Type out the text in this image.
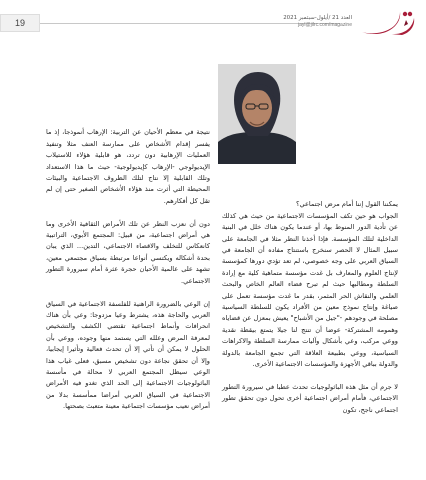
19	العدد 21 /أيلول-سبتمبر 2021
jayl@jilrc.com/magazine

يمكننا القول إننا أمام مرض اجتماعي؟
الجواب هو حين تكف المؤسسات الاجتماعية من حيث هي كذلك عن تأدية الدور المنوط بها، أو عندما يكون هناك خلل في البنية الداخلية لتلك المؤسسة. فإذا أخذنا النظر مثلا في الجامعة على سبيل المثال لا الحصر سنخرج باستنتاج مفاده أن الجامعة في السياق العربي على وجه خصوصي، لم تعد تؤدي دورها كمؤسسة لإنتاج العلوم والمعارف بل غدت مؤسسة متماهية كلية مع إرادة السلطة ومطالبها حيث لم تبرح فضاء العالم الخاص والبحث العلمي والنقاش الحر المثمر، بقدر ما غدت مؤسسة تعمل على صياغة وإنتاج نموذج معين من الأفراد يكون للسلطة السياسية مصلحة في وجودهم -"جيل من الأشباح" يعيش بمعزل عن قضاياه وهمومه المشتركة- عوضا أن تنتج لنا جيلا يتمتع بيقظة نقدية ووعي مركب، وعي بأشكال وآليات ممارسة السلطة والاكراهات السياسية، ووعي بطبيعة العلاقة التي تجمع الجامعة بالدولة والدولة بباقي الأجهزة والمؤسسات الاجتماعية الأخرى.

لا جرم أن مثل هذه الباثولوجيات تحدث عطبا في سيرورة التطور الاجتماعي، فأمام أمراض اجتماعية أخرى تحول دون تحقق تطور اجتماعي ناجح، تكون

نتيجة في معظم الأحيان عن التربية: الإرهاب أنموذجا، إذ ما يفسر إقدام الأشخاص على ممارسة العنف مثلا وتنفيذ العمليات الإرهابية دون تردد، هو قابلية هؤلاء للاستيلاب الإيديولوجي -الإرهاب كإيديولوجية- حيث ما هذا الاستعداد وتلك القابلية إلا نتاج لتلك الظروف الاجتماعية والبيئات المحيطة التي أثرت منذ هؤلاء الأشخاص الصغير حتى إن لم تقل كل أفكارهم.

دون أن نعزب النظر عن تلك الأمراض الثقافية الأخرى وما هي أمراض اجتماعية، من قبيل: المجتمع الأبوي، التراتبية كانعكاس للتخلف والاقصاء الاجتماعي، التدين... الذي يبان بحدة أشكاله ويكتسي أنواعا مرتبطة بسياق مجتمعي معين، تشهد على عالمية الأحيان حجرة عثرة أمام سيرورة التطور الاجتماعي.

إن الوعي بالضرورة الراهنية للفلسفة الاجتماعية في السياق العربي والحاجة هذه، يشترط وعيا مزدوجا: وعي بأن هناك انحرافات وأنماط اجتماعية تقتضي الكشف والتشخيص لمعرفة المرض وعلله التي يستمد منها وجوده، ووعي بأن الحلول لا يمكن أن تأتي إلا أن تحدث فعالية وتأثيرا إيجابيا، وإلا أن تحقق نجاعة دون تشخيص مسبق، فعلى غياب هذا الوعي سيظل المجتمع العربي لا محالة في مأسسة الباثولوجيات الاجتماعية إلى الحد الذي تغدو فيه الأمراض الاجتماعية في السياق العربي أمراضا ممأسسة بدلا من أمراض نعيب مؤسسات اجتماعية معينة متعبث بصحتها.
